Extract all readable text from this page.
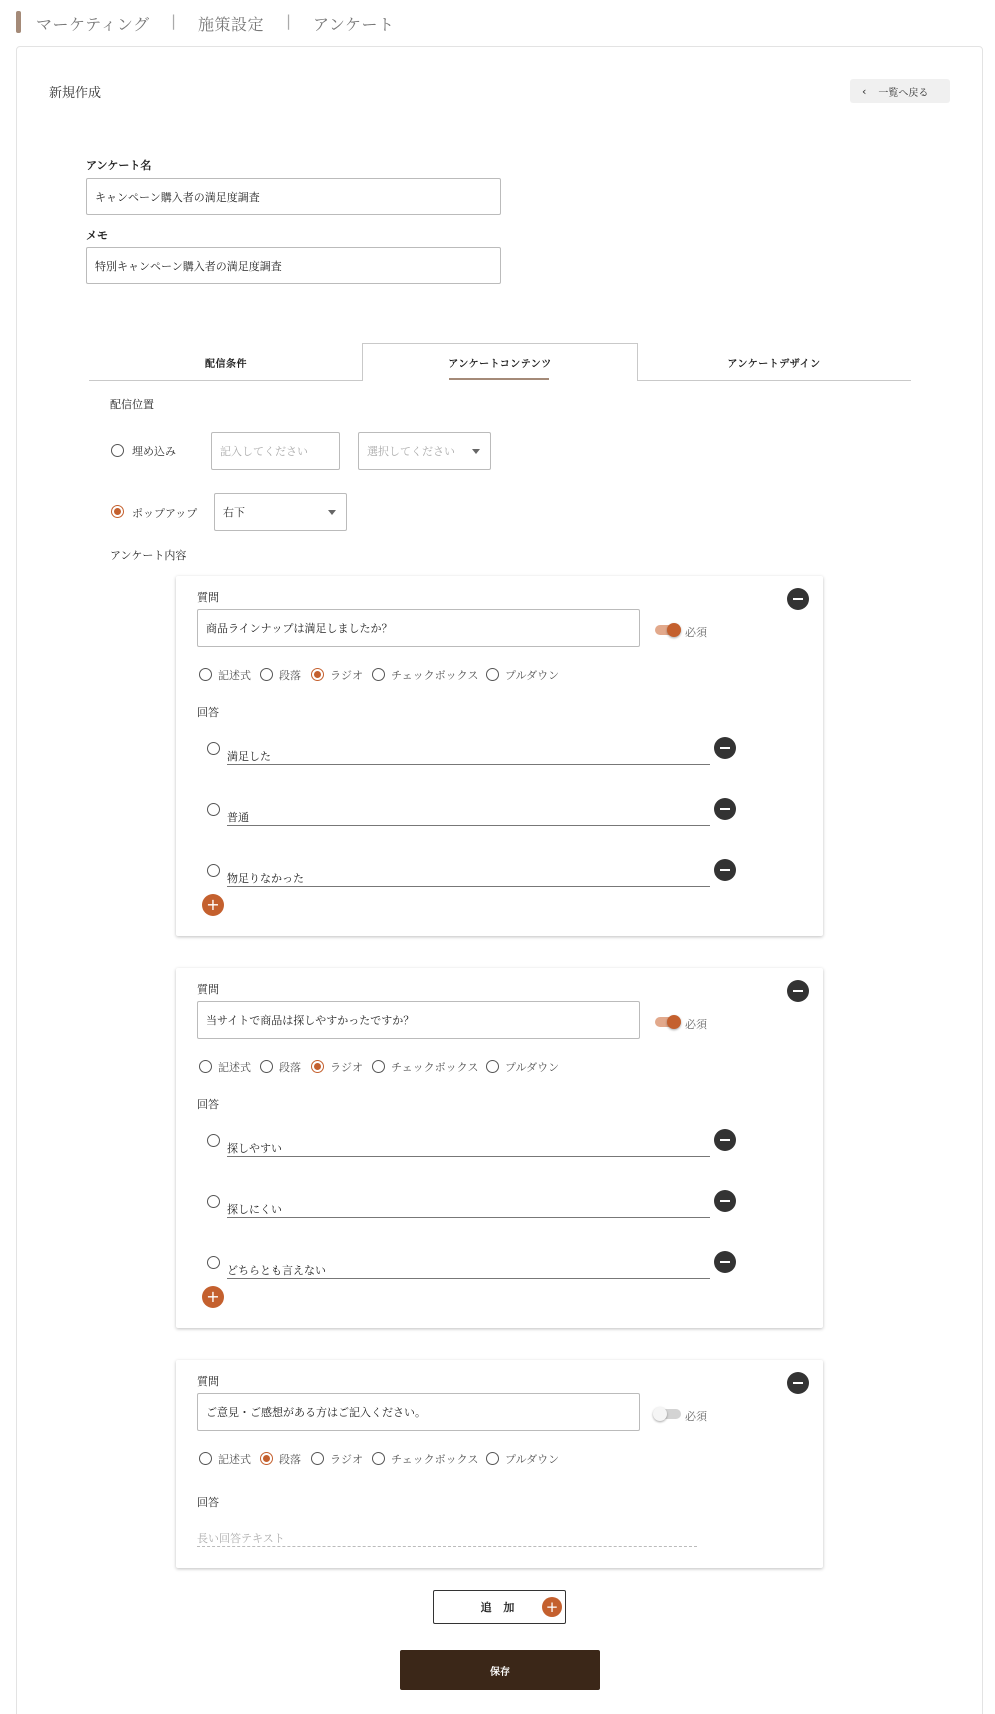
マーケティング | 施策設定 | アンケート
新規作成	‹ 一覧へ戻る
アンケート名
キャンペーン購入者の満足度調査
メモ
特別キャンペーン購入者の満足度調査
配信条件	アンケートコンテンツ	アンケートデザイン
配信位置
埋め込み	記入してください	選択してください
ポップアップ 右下
アンケート内容
質問
商品ラインナップは満足しましたか？	必須
記述式	段落	ラジオ	チェックボックス プルダウン
回答
満足した
普通
物足りなかった
+
質問
当サイトで商品は探しやすかったですか？	必須
記述式	段落	ラジオ	チェックボックス プルダウン
回答
探しやすい
探しにくい
どちらとも言えない
+
質問
ご意見・ご感想がある方はご記入ください。	必須
記述式	段落	ラジオ	チェックボックス プルダウン
回答
長い回答テキスト
追 加 +
保存
